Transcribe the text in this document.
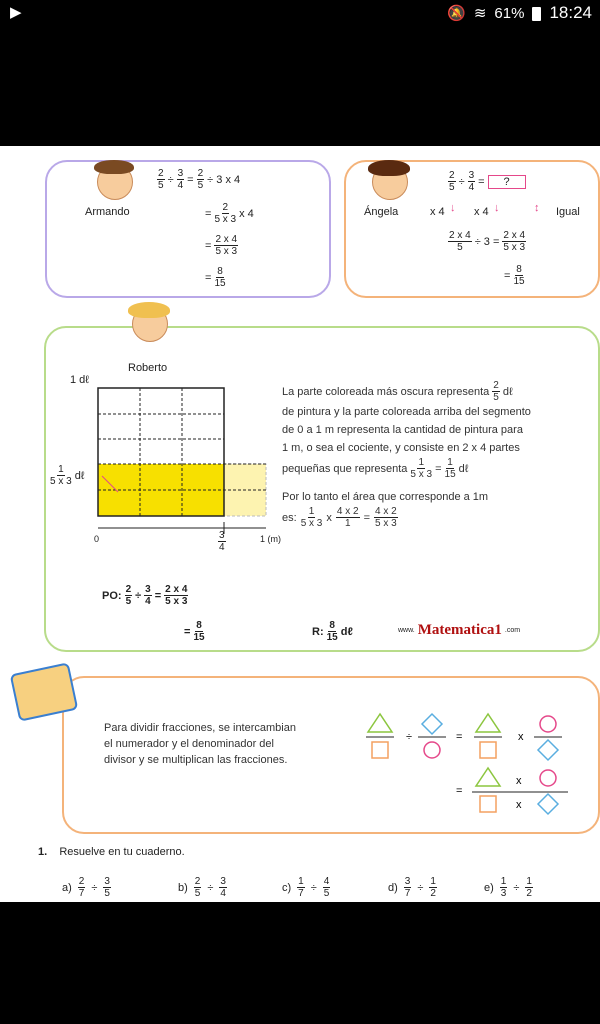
▶	🔕 ≋ 61% 18:24
Armando
$\frac{2}{5} \div \frac{3}{4} = \frac{2}{5} \div 3$ x 4
= $\frac{2}{5 x 3}$ x 4
= $\frac{2 x 4}{5 x 3}$
= $\frac{8}{15}$
Ángela
$\frac{2}{5} \div \frac{3}{4}$ =	?
x 4 ↓ x 4 ↓	↕ Igual
$\frac{2 x 4}{5} \div 3 = \frac{2 x 4}{5 x 3}$
= $\frac{8}{15}$
Roberto
1 dℓ
$\frac{1}{5 x 3}$ dℓ
0	$\frac{3}{4}$	1 (m)
La parte coloreada más oscura representa $\frac{2}{5}$ dℓ
de pintura y la parte coloreada arriba del segmento
de 0 a 1 m representa la cantidad de pintura para
1 m, o sea el cociente, y consiste en 2 x 4 partes
pequeñas que representa $\frac{1}{5 x 3} = \frac{1}{15}$ dℓ
Por lo tanto el área que corresponde a 1m
es: $\frac{1}{5 x 3}$ x $\frac{4 x 2}{1} = \frac{4 x 2}{5 x 3}$
PO: $\frac{2}{5} \div \frac{3}{4} = \frac{2 x 4}{5 x 3}$
= $\frac{8}{15}$	R: $\frac{8}{15}$ dℓ	www. Matematica1 .com
Para dividir fracciones, se intercambian
el numerador y el denominador del
divisor y se multiplican las fracciones.
÷	=	x
=
x
x
1.
Resuelve en tu cuaderno.
$a) \frac{2}{7} \div \frac{3}{5}$	$b) \frac{2}{5} \div \frac{3}{4}$	$c) \frac{1}{7} \div \frac{4}{5}$	$d) \frac{3}{7} \div \frac{1}{2}$	$e) \frac{1}{3} \div \frac{1}{2}$
